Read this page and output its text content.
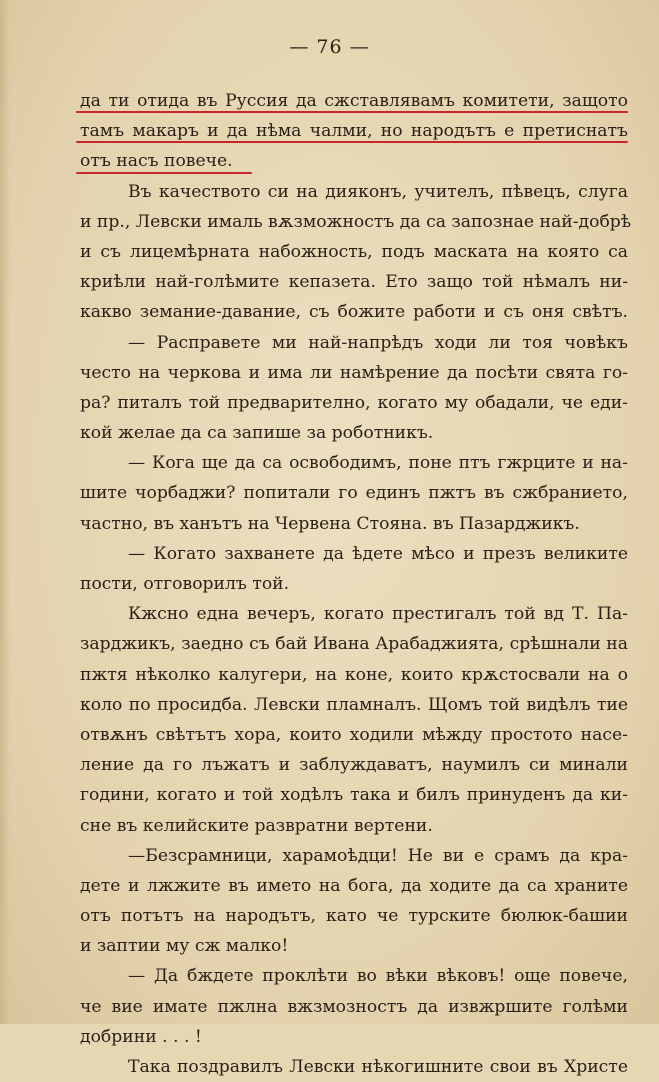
— 76 —
да ти отида въ Руссия да сжставлявамъ комитети, защото
тамъ макаръ и да нѣма чалми, но народътъ е претиснатъ
отъ насъ повече.
Въ качеството си на дияконъ, учителъ, пѣвецъ, слуга
и пр., Левски ималь вѫзможностъ да са запознае най-добрѣ
и съ лицемѣрната набожность, подъ маската на която са
криѣли най-голѣмите кепазета. Ето защо той нѣмалъ ни-
какво земание-давание, съ божите работи и съ оня свѣтъ.
— Расправете ми най-напрѣдъ ходи ли тоя човѣкъ
често на черкова и има ли намѣрение да посѣти свята го-
ра? питалъ той предварително, когато му обадали, че еди-
кой желае да са запише за роботникъ.
— Кога ще да са освободимъ, поне птъ гжрците и на-
шите чорбаджи? попитали го единъ пжтъ въ сжбранието,
частно, въ ханътъ на Червена Стояна. въ Пазарджикъ.
— Когато захванете да ѣдете мѣсо и презъ великите
пости, отговорилъ той.
Кжсно една вечеръ, когато престигалъ той вд Т. Па-
зарджикъ, заедно съ бай Ивана Арабаджията, срѣшнали на
пжтя нѣколко калугери, на коне, които крѫстосвали на о
коло по просидба. Левски пламналъ. Щомъ той видѣлъ тие
отвѫнъ свѣтътъ хора, които ходили мѣжду простото насе-
ление да го лъжатъ и заблуждаватъ, наумилъ си минали
години, когато и той ходѣлъ така и билъ принуденъ да ки-
сне въ келийските развратни вертени.
—Безсрамници, харамоѣдци! Не ви е срамъ да кра-
дете и лжжите въ името на бога, да ходите да са храните
отъ потътъ на народътъ, като че турските бюлюк-башии
и заптии му сж малко!
— Да бждете проклѣти во вѣки вѣковъ! още повече,
че вие имате пжлна вжзмозностъ да извжршите голѣми
добрини . . . !
Така поздравилъ Левски нѣкогишните свои въ Христе
